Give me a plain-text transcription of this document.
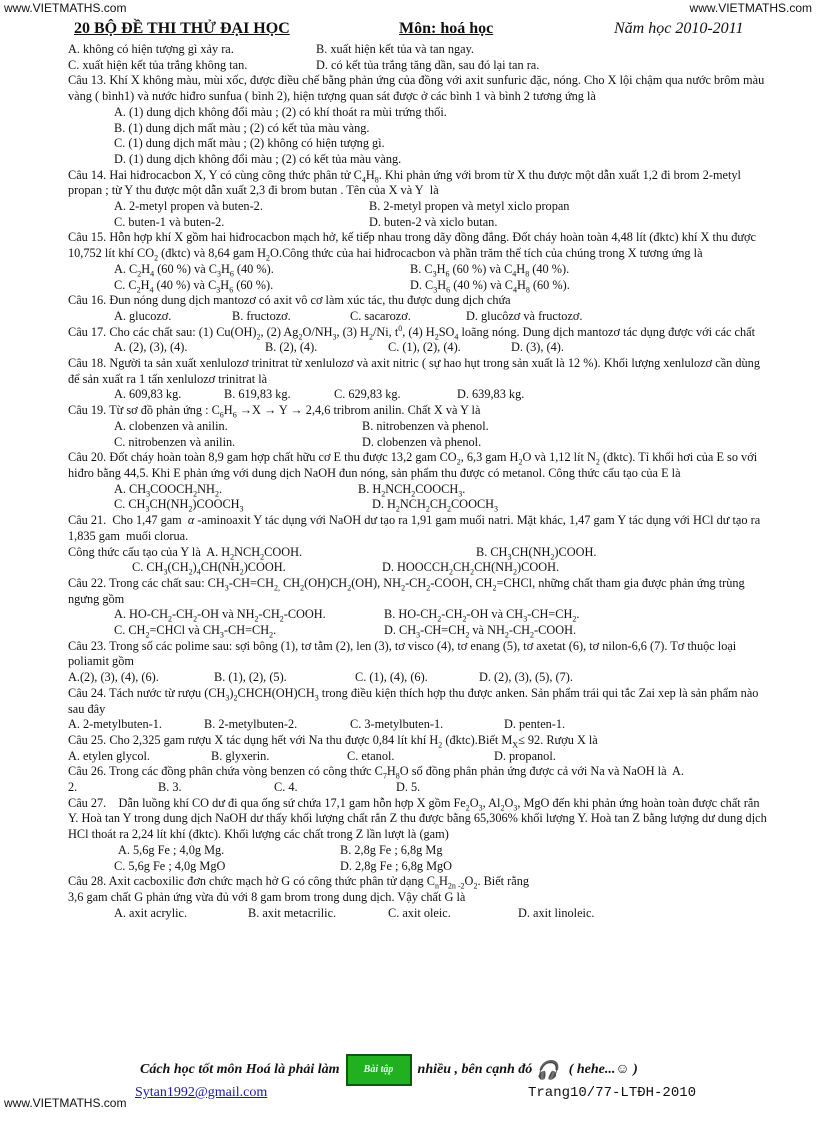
www.VIETMATHS.com	www.VIETMATHS.com
20 BỘ ĐỀ THI THỬ ĐẠI HỌC	Môn: hoá học	Năm học 2010-2011
A. không có hiện tượng gì xảy ra.	B. xuất hiện kết tủa và tan ngay.
C. xuất hiện kết tủa trắng không tan.	D. có kết tủa trắng tăng dần, sau đó lại tan ra.

Câu 13. Khí X không màu, mùi xốc, được điều chế bằng phản ứng của đồng với axit sunfuric đặc, nóng. Cho X lội chậm qua nước brôm màu vàng ( bình1) và nước hiđro sunfua ( bình 2), hiện tượng quan sát được ở các bình 1 và bình 2 tương ứng là

A. (1) dung dịch không đổi màu ; (2) có khí thoát ra mùi trứng thối.

B. (1) dung dịch mất màu ; (2) có kết tủa màu vàng.

C. (1) dung dịch mất màu ; (2) không có hiện tượng gì.

D. (1) dung dịch không đổi màu ; (2) có kết tủa màu vàng.

Câu 14. Hai hiđrocacbon X, Y có cùng công thức phân tử $C_4H_8$. Khi phản ứng với brom từ X thu được một dẫn xuất 1,2 đi brom 2-metyl propan ; từ Y thu được một dẫn xuất 2,3 đi brom butan . Tên của X và Y  là

A. 2-metyl propen và buten-2.	B. 2-metyl propen và metyl xiclo propan
C. buten-1 và buten-2.	D. buten-2 và xiclo butan.

Câu 15. Hỗn hợp khí X gồm hai hiđrocacbon mạch hở, kế tiếp nhau trong dãy đồng đẳng. Đốt cháy hoàn toàn 4,48 lít (đktc) khí X thu được 10,752 lít khí $CO_2$ (đktc) và 8,64 gam $H_2O.Công$ thức của hai hiđrocacbon và phần trăm thể tích của chúng trong X tương ứng là

A. $C_2H_4$ (60 %) và $C_3H_6$ (40 %).	B. $C_3H_6$ (60 %) và $C_4H_8$ (40 %).
C. $C_2H_4$ (40 %) và $C_3H_6$ (60 %).	D. $C_3H_6$ (40 %) và $C_4H_8$ (60 %).

Câu 16. Đun nóng dung dịch mantozơ có axit vô cơ làm xúc tác, thu được dung dịch chứa

A. glucozơ.	B. fructozơ.	C. sacarozơ.	D. glucôzơ và fructozơ.

Câu 17. Cho các chất sau: (1) $Cu(OH)_2$, (2) $Ag_2O/NH_3$, (3) $H_2/Ni$, $t^0$, (4) $H_2SO_4$ loãng nóng. Dung dịch mantozơ tác dụng được với các chất

A. (2), (3), (4).	B. (2), (4).	C. (1), (2), (4).	D. (3), (4).

Câu 18. Người ta sản xuất xenlulozơ trinitrat từ xenlulozơ và axit nitric ( sự hao hụt trong sản xuất là 12 %). Khối lượng xenlulozơ cần dùng để sản xuất ra 1 tấn xenlulozơ trinitrat là

A. 609,83 kg.	B. 619,83 kg.	C. 629,83 kg.	D. 639,83 kg.

Câu 19. Từ sơ đồ phản ứng : $C_6H_6 \to X \to Y \to 2,4,6$ tribrom anilin. Chất X và Y là

A. clobenzen và anilin.	B. nitrobenzen và phenol.
C. nitrobenzen và anilin.	D. clobenzen và phenol.

Câu 20. Đốt cháy hoàn toàn 8,9 gam hợp chất hữu cơ E thu được 13,2 gam $CO_2$, 6,3 gam $H_2O$ và 1,12 lít $N_2$ (đktc). Tỉ khối hơi của E so với hiđro bằng 44,5. Khi E phản ứng với dung dịch NaOH đun nóng, sản phẩm thu được có metanol. Công thức cấu tạo của E là

A. $CH_3COOCH_2NH_2$.	B. $H_2NCH_2COOCH_3$.
C. $CH_3CH(NH_2)COOCH_3$	D. $H_2NCH_2CH_2COOCH_3$

Câu 21.  Cho 1,47 gam  α -aminoaxit Y tác dụng với NaOH dư tạo ra 1,91 gam muối natri. Mặt khác, 1,47 gam Y tác dụng với HCl dư tạo ra 1,835 gam  muối clorua.

Công thức cấu tạo của Y là  A. $H_2NCH_2COOH$.	B. $CH_3CH(NH_2)COOH$.
C. $CH_3(CH_2)_4CH(NH_2)COOH$.	D. $HOOCCH_2CH_2CH(NH_2)COOH$.

Câu 22. Trong các chất sau: $CH_3-CH=CH_{2,}$ $CH_2(OH)CH_2(OH)$, $NH_2-CH_2$-COOH, $CH_2=CHCl$, những chất tham gia được phản ứng trùng ngưng gồm

A. $HO-CH_2-CH_2-OH$ và $NH_2-CH_2$-COOH.	B. $HO-CH_2-CH_2-OH$ và $CH_3-CH=CH_2$.
C. $CH_2=CHCl$ và $CH_3-CH=CH_2$.	D. $CH_3-CH=CH_2$ và $NH_2-CH_2$-COOH.

Câu 23. Trong số các polime sau: sợi bông (1), tơ tằm (2), len (3), tơ visco (4), tơ enang (5), tơ axetat (6), tơ nilon-6,6 (7). Tơ thuộc loại poliamit gồm

A.(2), (3), (4), (6).	B. (1), (2), (5).	C. (1), (4), (6).	D. (2), (3), (5), (7).

Câu 24. Tách nước từ rượu $(CH_3)_2CHCH(OH)CH_3$ trong điều kiện thích hợp thu được anken. Sản phẩm trái qui tắc Zai xep là sản phẩm nào sau đây

A. 2-metylbuten-1.	B. 2-metylbuten-2.	C. 3-metylbuten-1.	D. penten-1.

Câu 25. Cho 2,325 gam rượu X tác dụng hết với Na thu được 0,84 lít khí $H_2$ (đktc).Biết $M_X\le 92$. Rượu X là

A. etylen glycol.	B. glyxerin.	C. etanol.	D. propanol.

Câu 26. Trong các đồng phân chứa vòng benzen có công thức $C_7H_8O$ số đồng phân phản ứng được cả với Na và NaOH là  A.

2.	B. 3.	C. 4.	D. 5.

Câu 27.    Dẫn luồng khí CO dư đi qua ống sứ chứa 17,1 gam hỗn hợp X gồm $Fe_2O_3$, $Al_2O_3$, MgO đến khi phản ứng hoàn toàn được chất rắn Y. Hoà tan Y trong dung dịch NaOH dư thấy khối lượng chất rắn Z thu được bằng 65,306% khối lượng Y. Hoà tan Z bằng lượng dư dung dịch HCl thoát ra 2,24 lít khí (đktc). Khối lượng các chất trong Z lần lượt là (gam)

A. 5,6g Fe ; 4,0g Mg.	B. 2,8g Fe ; 6,8g Mg
C. 5,6g Fe ; 4,0g MgO	D. 2,8g Fe ; 6,8g MgO

Câu 28. Axit cacboxilic đơn chức mạch hở G có công thức phân tử dạng $C_nH_{2n -2}O_2$. Biết rằng

3,6 gam chất G phản ứng vừa đủ với 8 gam brom trong dung dịch. Vậy chất G là

A. axit acrylic.	B. axit metacrilic.	C. axit oleic.	D. axit linoleic.
Cách học tốt môn Hoá là phải làm	Bài tập	nhiều , bên cạnh đó 🎧 ( hehe...☺ )
Sytan1992@gmail.com	Trang10/77-LTĐH-2010
www.VIETMATHS.com
